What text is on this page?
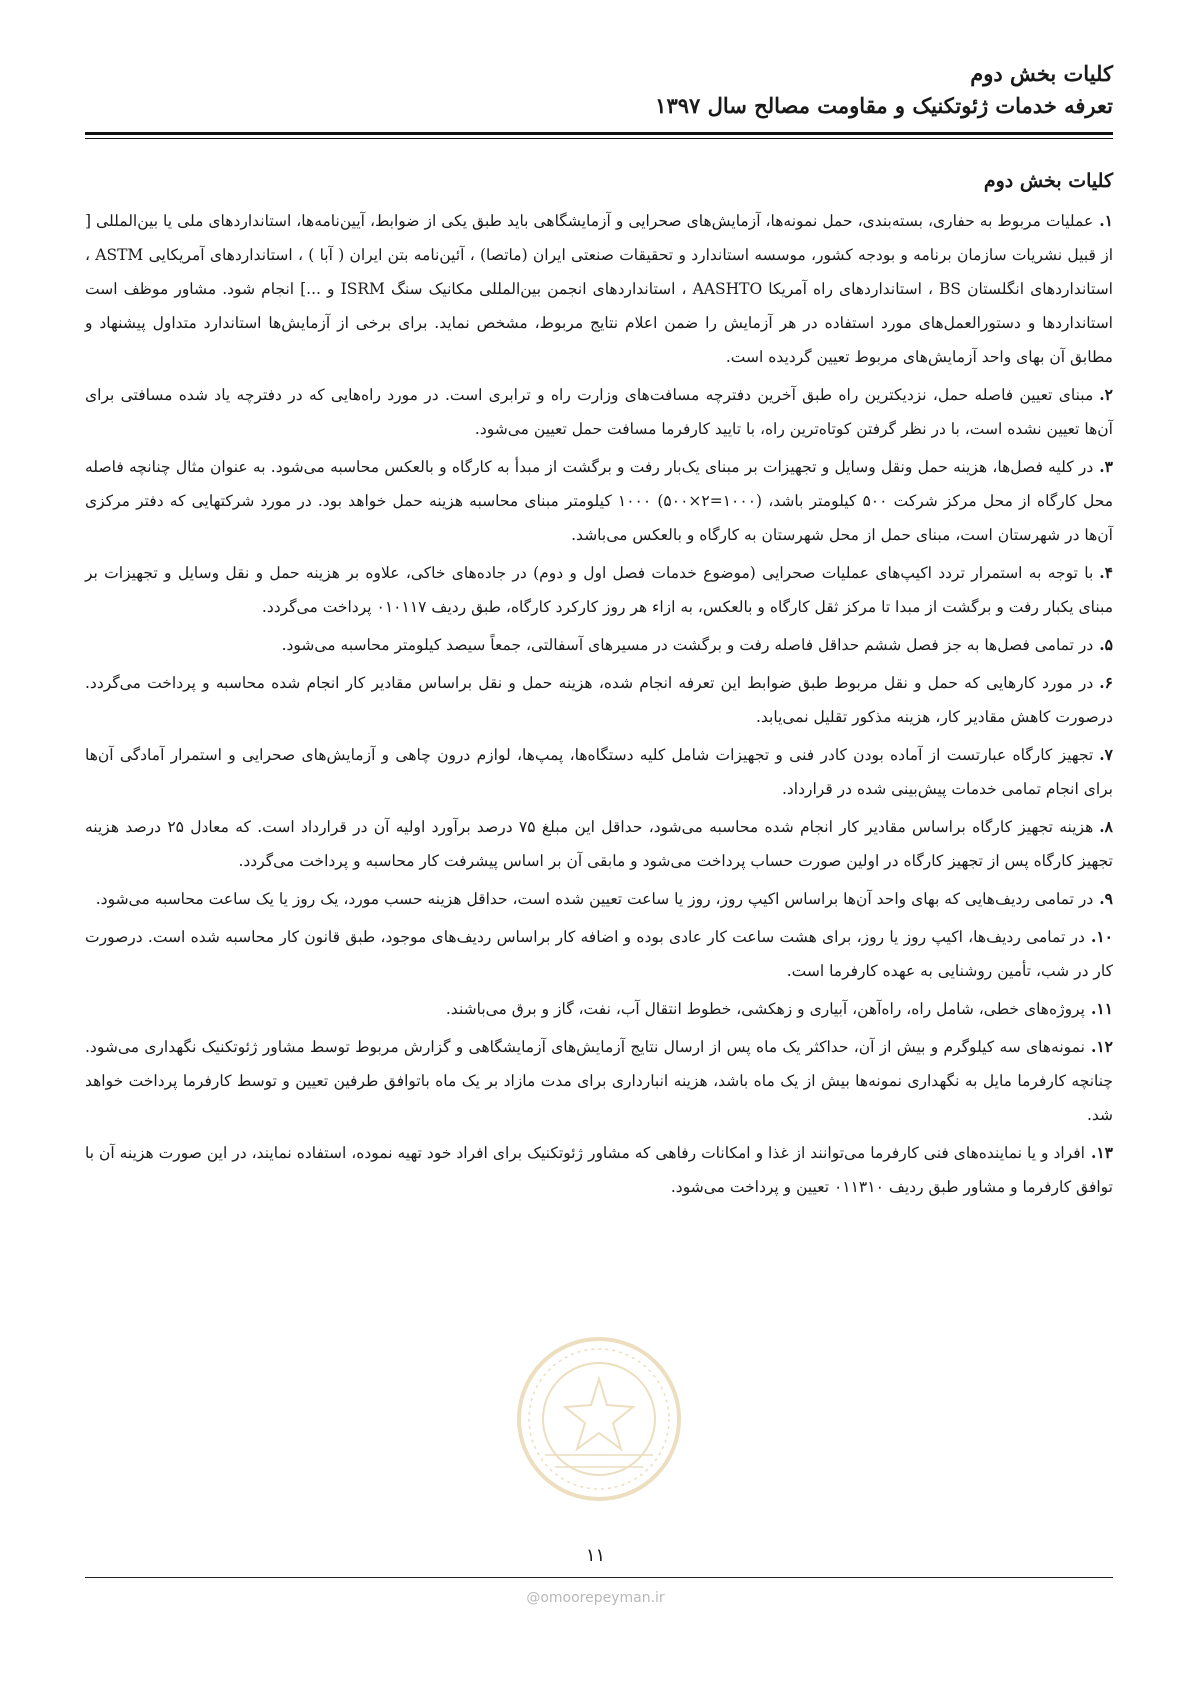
کلیات بخش دوم
تعرفه خدمات ژئوتکنیک و مقاومت مصالح سال ۱۳۹۷
کلیات بخش دوم

۱.عملیات مربوط به حفاری، بسته‌بندی، حمل نمونه‌ها، آزمایش‌های صحرایی و آزمایشگاهی باید طبق یکی از ضوابط، آیین‌نامه‌ها، استانداردهای ملی یا بین‌المللی [ از قبیل نشریات سازمان برنامه و بودجه کشور، موسسه استاندارد و تحقیقات صنعتی ایران (ماتصا) ، آئین‌نامه بتن ایران ( آبا ) ، استانداردهای آمریکایی ASTM ، استانداردهای انگلستان BS ، استانداردهای راه آمریکا AASHTO ، استانداردهای انجمن بین‌المللی مکانیک سنگ ISRM و ...] انجام شود. مشاور موظف است استانداردها و دستورالعمل‌های مورد استفاده در هر آزمایش را ضمن اعلام نتایج مربوط، مشخص نماید. برای برخی از آزمایش‌ها استاندارد متداول پیشنهاد و مطابق آن بهای واحد آزمایش‌های مربوط تعیین گردیده است.

۲.مبنای تعیین فاصله حمل، نزدیکترین راه طبق آخرین دفترچه مسافت‌های وزارت راه و ترابری است. در مورد راه‌هایی که در دفترچه یاد شده مسافتی برای آن‌ها تعیین نشده است، با در نظر گرفتن کوتاه‌ترین راه، با تایید کارفرما مسافت حمل تعیین می‌شود.

۳.در کلیه فصل‌ها، هزینه حمل ونقل وسایل و تجهیزات بر مبنای یک‌بار رفت و برگشت از مبدأ به کارگاه و بالعکس محاسبه می‌شود. به عنوان مثال چنانچه فاصله محل کارگاه از محل مرکز شرکت ۵۰۰ کیلومتر باشد، (۱۰۰۰=۲×۵۰۰) ۱۰۰۰ کیلومتر مبنای محاسبه هزینه حمل خواهد بود. در مورد شرکتهایی که دفتر مرکزی آن‌ها در شهرستان است، مبنای حمل از محل شهرستان به کارگاه و بالعکس می‌باشد.

۴.با توجه به استمرار تردد اکیپ‌های عملیات صحرایی (موضوع خدمات فصل اول و دوم) در جاده‌های خاکی، علاوه بر هزینه حمل و نقل وسایل و تجهیزات بر مبنای یکبار رفت و برگشت از مبدا تا مرکز ثقل کارگاه و بالعکس، به ازاء هر روز کارکرد کارگاه، طبق ردیف ۰۱۰۱۱۷ پرداخت می‌گردد.

۵.در تمامی فصل‌ها به جز فصل ششم حداقل فاصله رفت و برگشت در مسیرهای آسفالتی، جمعاً سیصد کیلومتر محاسبه می‌شود.

۶.در مورد کارهایی که حمل و نقل مربوط طبق ضوابط این تعرفه انجام شده، هزینه حمل و نقل براساس مقادیر کار انجام شده محاسبه و پرداخت می‌گردد. درصورت کاهش مقادیر کار، هزینه مذکور تقلیل نمی‌یابد.

۷.تجهیز کارگاه عبارتست از آماده بودن کادر فنی و تجهیزات شامل کلیه دستگاه‌ها، پمپ‌ها، لوازم درون چاهی و آزمایش‌های صحرایی و استمرار آمادگی آن‌ها برای انجام تمامی خدمات پیش‌بینی شده در قرارداد.

۸.هزینه تجهیز کارگاه براساس مقادیر کار انجام شده محاسبه می‌شود، حداقل این مبلغ ۷۵ درصد برآورد اولیه آن در قرارداد است. که معادل ۲۵ درصد هزینه تجهیز کارگاه پس از تجهیز کارگاه در اولین صورت حساب پرداخت می‌شود و مابقی آن بر اساس پیشرفت کار محاسبه و پرداخت می‌گردد.

۹.در تمامی ردیف‌هایی که بهای واحد آن‌ها براساس اکیپ روز، روز یا ساعت تعیین شده است، حداقل هزینه حسب مورد، یک روز یا یک ساعت محاسبه می‌شود.

۱۰.در تمامی ردیف‌ها، اکیپ روز یا روز، برای هشت ساعت کار عادی بوده و اضافه کار براساس ردیف‌های موجود، طبق قانون کار محاسبه شده است. درصورت کار در شب، تأمین روشنایی به عهده کارفرما است.

۱۱.پروژه‌های خطی، شامل راه، راه‌آهن، آبیاری و زهکشی، خطوط انتقال آب، نفت، گاز و برق می‌باشند.

۱۲.نمونه‌های سه کیلوگرم و بیش از آن، حداکثر یک ماه پس از ارسال نتایج آزمایش‌های آزمایشگاهی و گزارش مربوط توسط مشاور ژئوتکنیک نگهداری می‌شود. چنانچه کارفرما مایل به نگهداری نمونه‌ها بیش از یک ماه باشد، هزینه انبارداری برای مدت مازاد بر یک ماه باتوافق طرفین تعیین و توسط کارفرما پرداخت خواهد شد.

۱۳.افراد و یا نماینده‌های فنی کارفرما می‌توانند از غذا و امکانات رفاهی که مشاور ژئوتکنیک برای افراد خود تهیه نموده، استفاده نمایند، در این صورت هزینه آن با توافق کارفرما و مشاور طبق ردیف ۰۱۱۳۱۰ تعیین و پرداخت می‌شود.

۱۱
@omoorepeyman.ir
